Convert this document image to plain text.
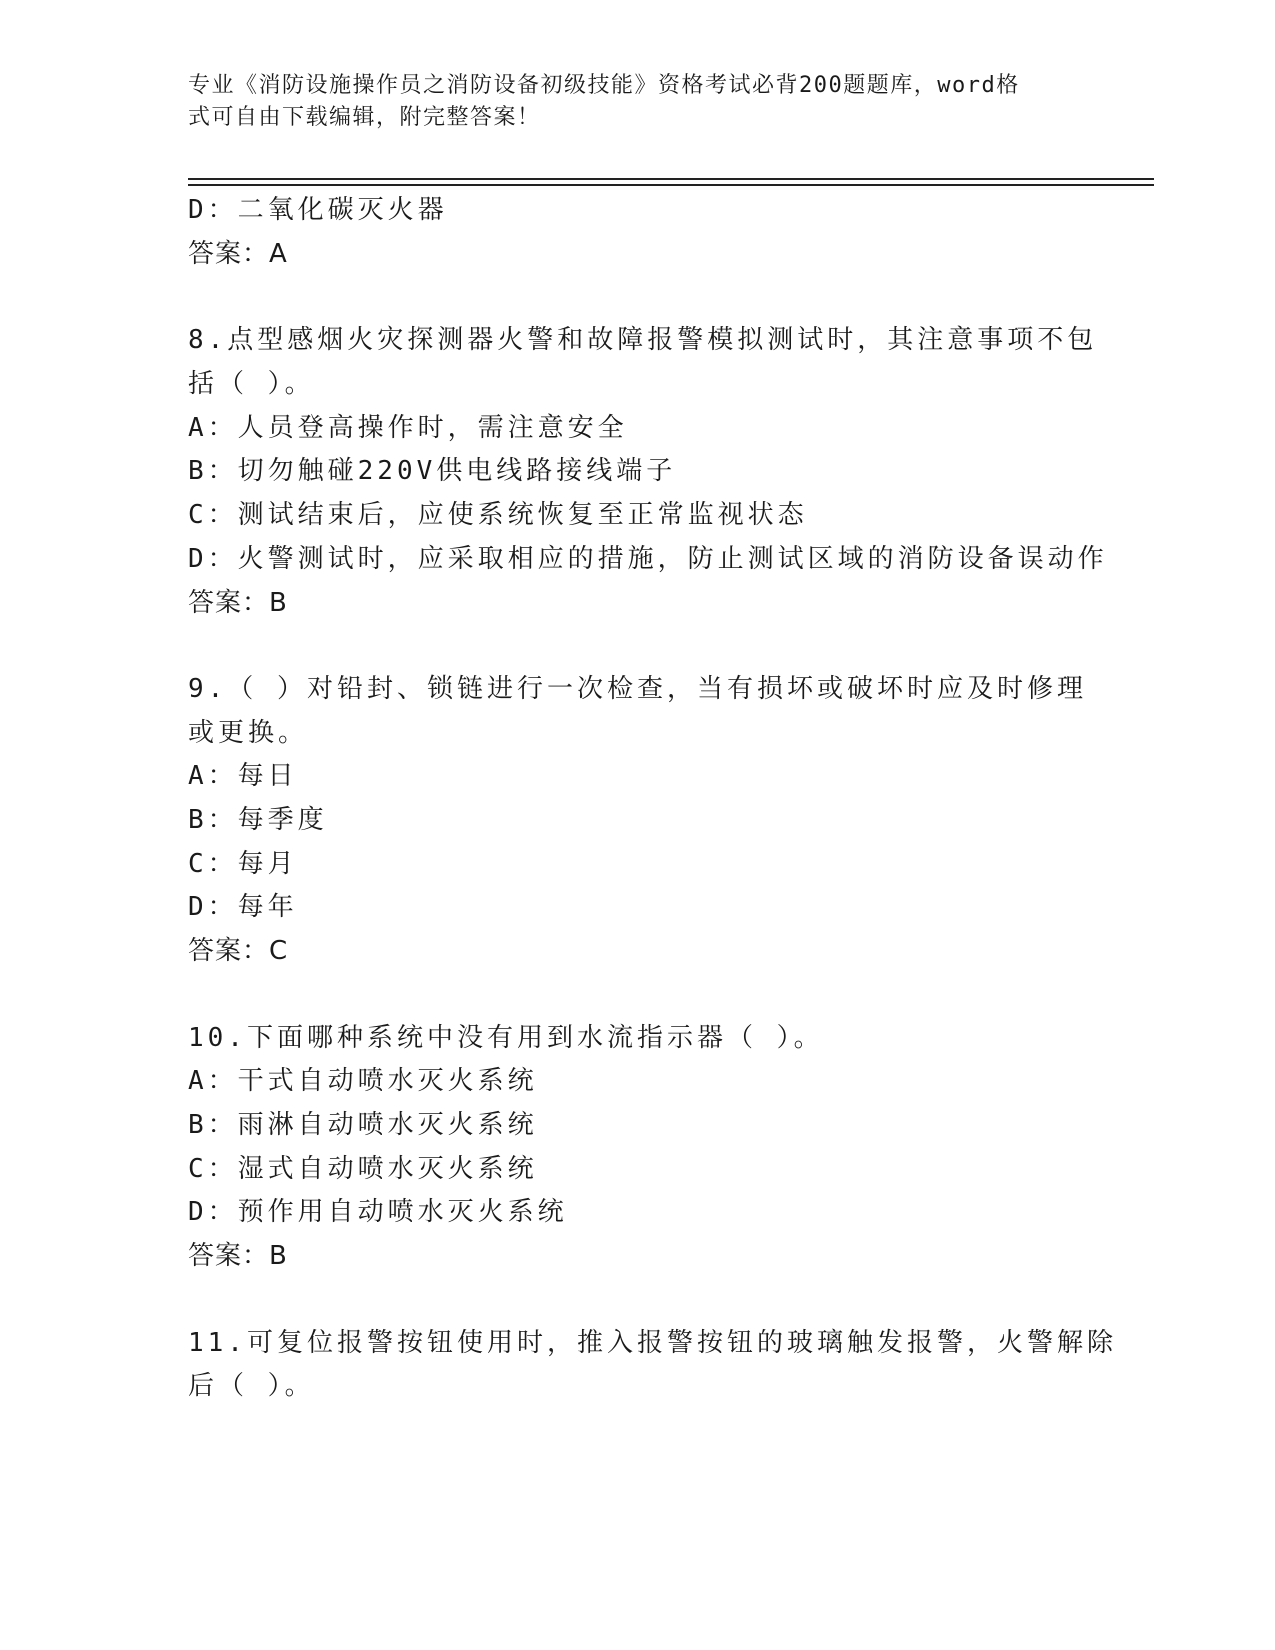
专业《消防设施操作员之消防设备初级技能》资格考试必背200题题库，word格

式可自由下载编辑，附完整答案！

D：二氧化碳灭火器
答案：A
8.点型感烟火灾探测器火警和故障报警模拟测试时，其注意事项不包
括（ ）。
A：人员登高操作时，需注意安全
B：切勿触碰220V供电线路接线端子
C：测试结束后，应使系统恢复至正常监视状态
D：火警测试时，应采取相应的措施，防止测试区域的消防设备误动作
答案：B
9.（ ）对铅封、锁链进行一次检查，当有损坏或破坏时应及时修理
或更换。
A：每日
B：每季度
C：每月
D：每年
答案：C
10.下面哪种系统中没有用到水流指示器（ ）。
A：干式自动喷水灭火系统
B：雨淋自动喷水灭火系统
C：湿式自动喷水灭火系统
D：预作用自动喷水灭火系统
答案：B
11.可复位报警按钮使用时，推入报警按钮的玻璃触发报警，火警解除
后（ ）。
